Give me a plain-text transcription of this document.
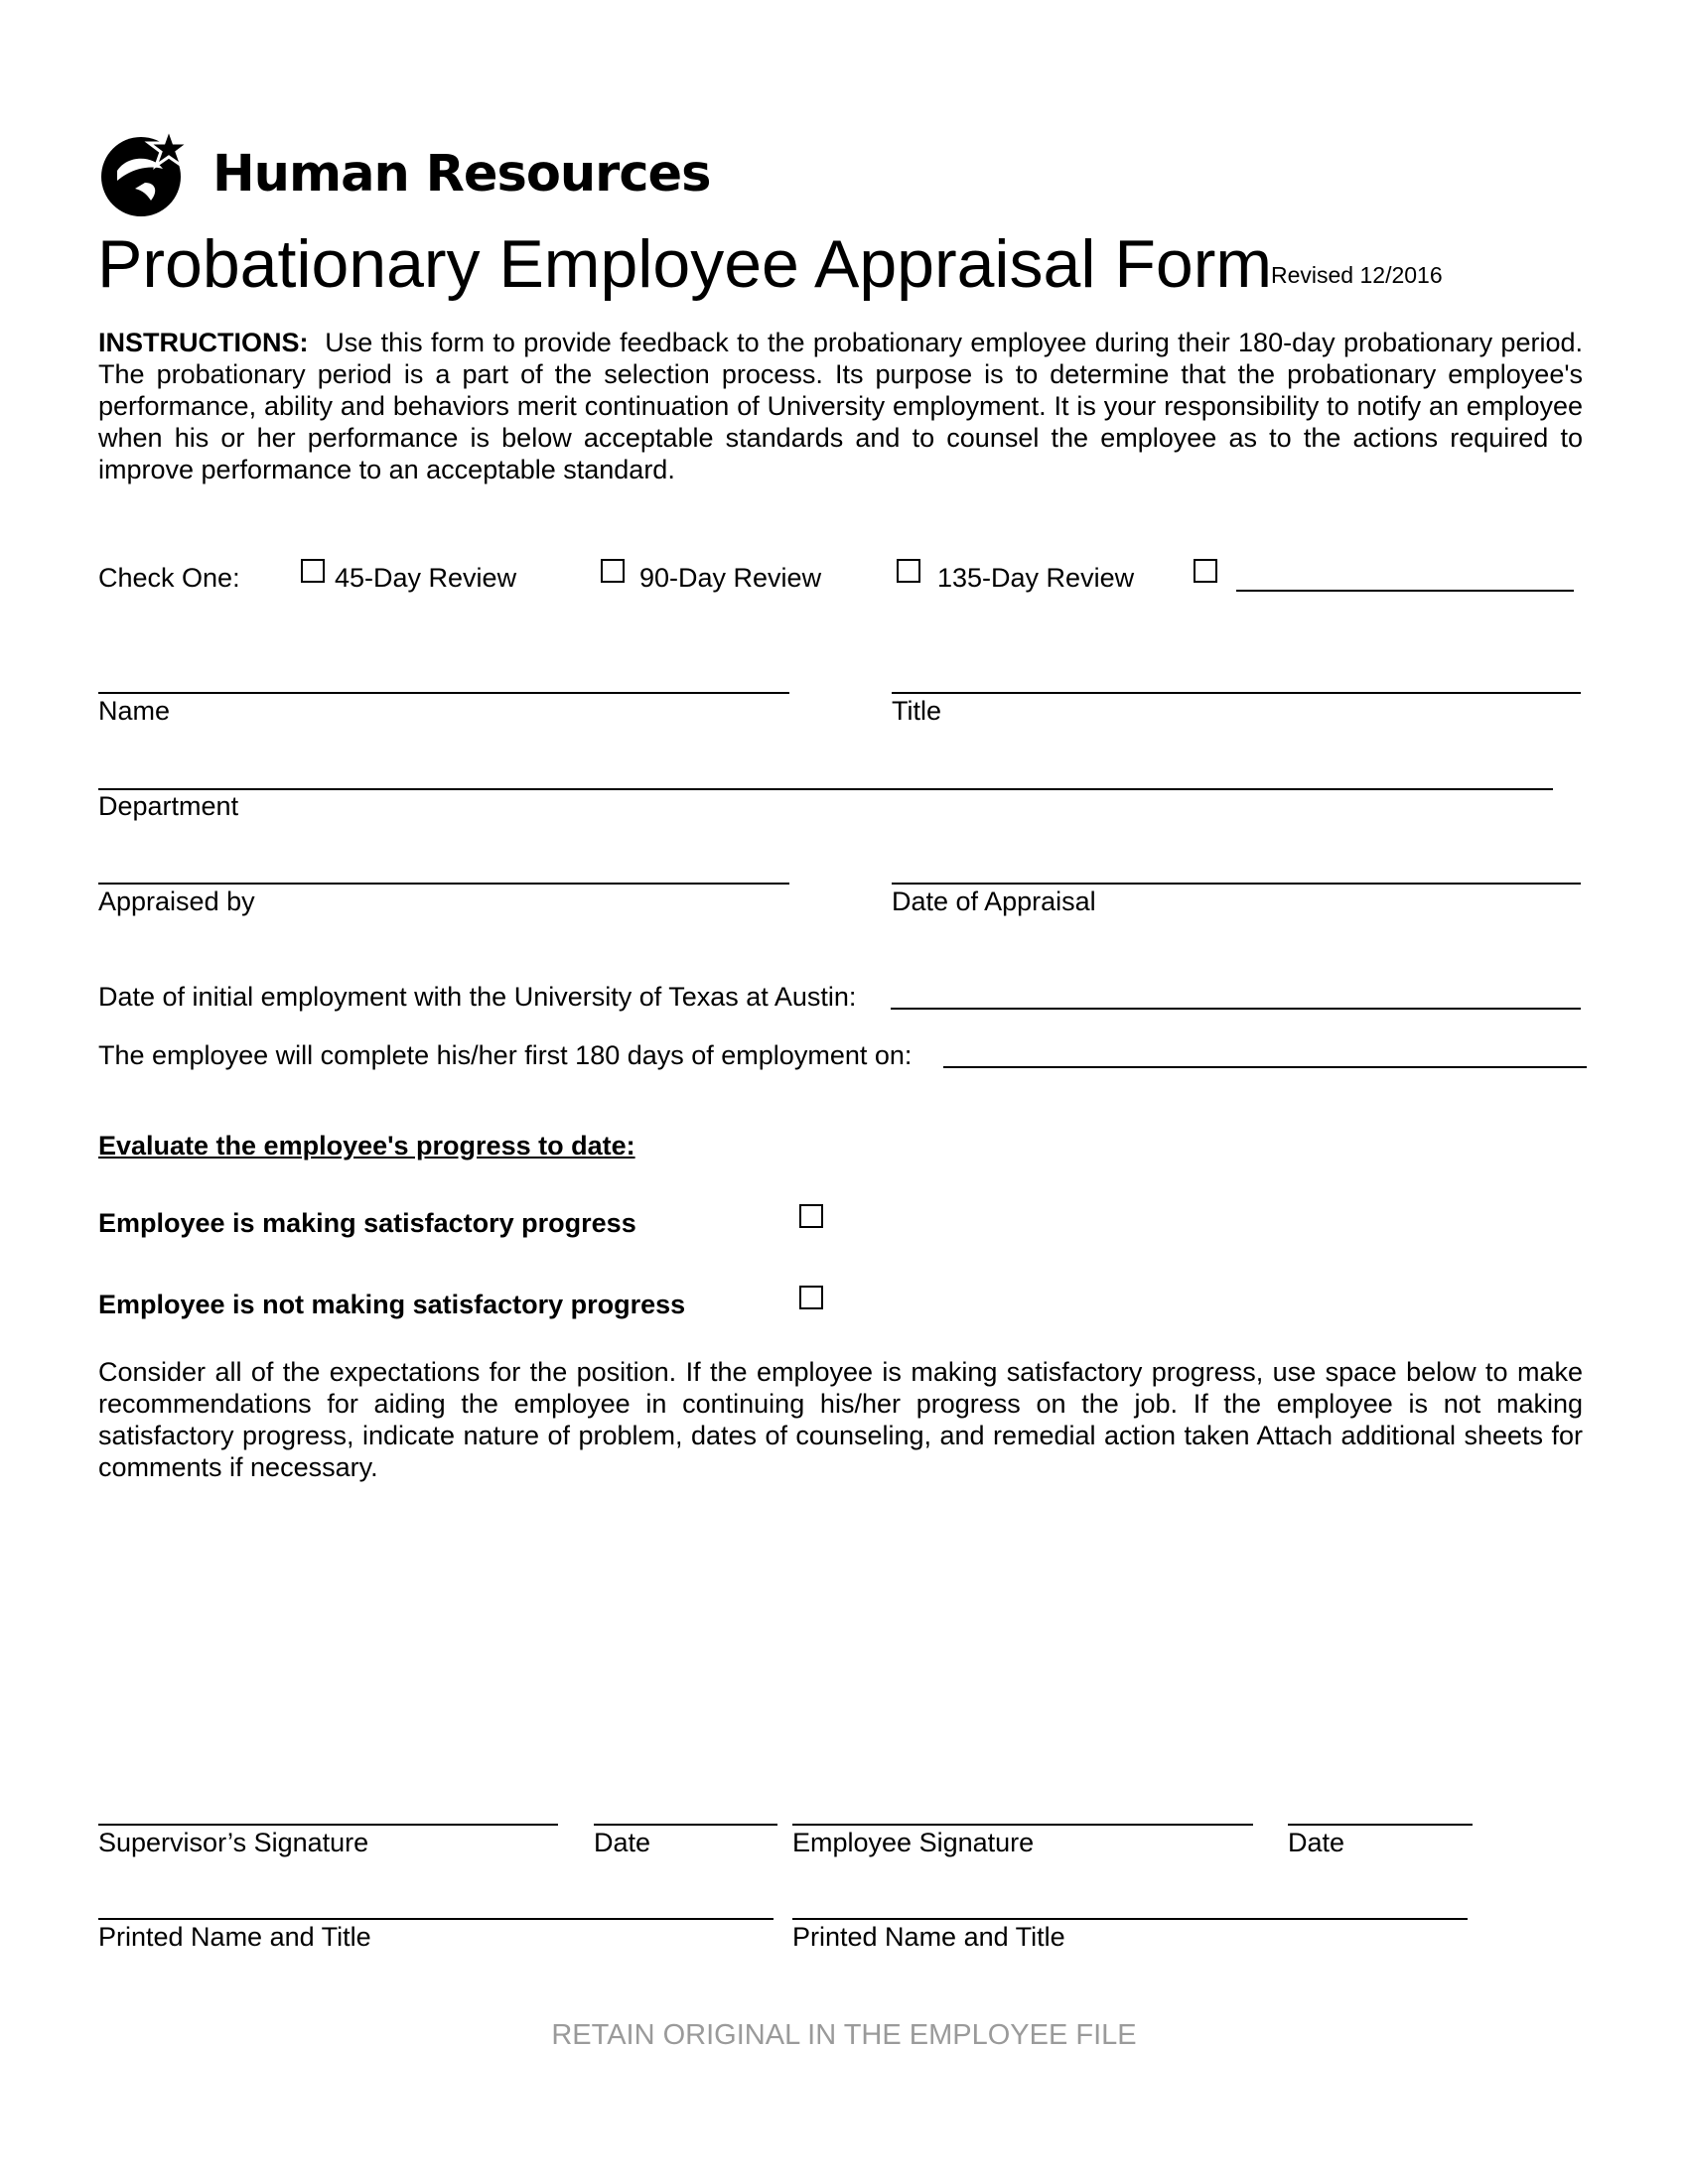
Human Resources
Probationary Employee Appraisal Form Revised 12/2016
INSTRUCTIONS: Use this form to provide feedback to the probationary employee during their 180-day probationary period. The probationary period is a part of the selection process. Its purpose is to determine that the probationary employee's performance, ability and behaviors merit continuation of University employment. It is your responsibility to notify an employee when his or her performance is below acceptable standards and to counsel the employee as to the actions required to improve performance to an acceptable standard.
Check One:	45-Day Review	90-Day Review	135-Day Review
Name	Title
Department
Appraised by	Date of Appraisal
Date of initial employment with the University of Texas at Austin:
The employee will complete his/her first 180 days of employment on:
Evaluate the employee's progress to date:
Employee is making satisfactory progress
Employee is not making satisfactory progress
Consider all of the expectations for the position. If the employee is making satisfactory progress, use space below to make recommendations for aiding the employee in continuing his/her progress on the job. If the employee is not making satisfactory progress, indicate nature of problem, dates of counseling, and remedial action taken Attach additional sheets for comments if necessary.
Supervisor’s Signature	Date	Employee Signature	Date
Printed Name and Title	Printed Name and Title
RETAIN ORIGINAL IN THE EMPLOYEE FILE
